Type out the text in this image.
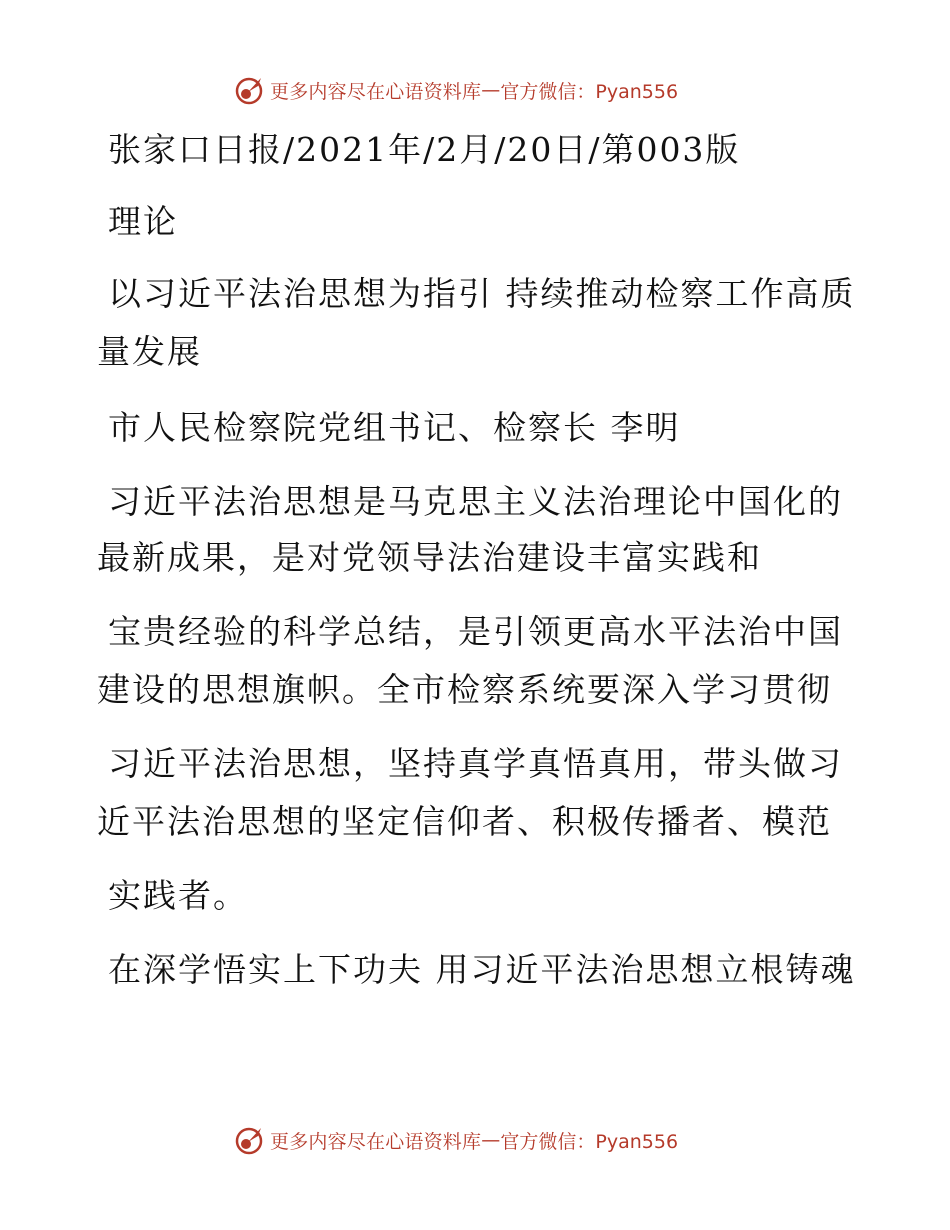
更多内容尽在心语资料库 — 官方微信：Pyan556
张家口日报/2021年/2月/20日/第003版
理论
以习近平法治思想为指引 持续推动检察工作高质
量发展
市人民检察院党组书记、检察长 李明
习近平法治思想是马克思主义法治理论中国化的
最新成果，是对党领导法治建设丰富实践和
宝贵经验的科学总结，是引领更高水平法治中国
建设的思想旗帜。全市检察系统要深入学习贯彻
习近平法治思想，坚持真学真悟真用，带头做习
近平法治思想的坚定信仰者、积极传播者、模范
实践者。
在深学悟实上下功夫 用习近平法治思想立根铸魂
更多内容尽在心语资料库 — 官方微信：Pyan556
